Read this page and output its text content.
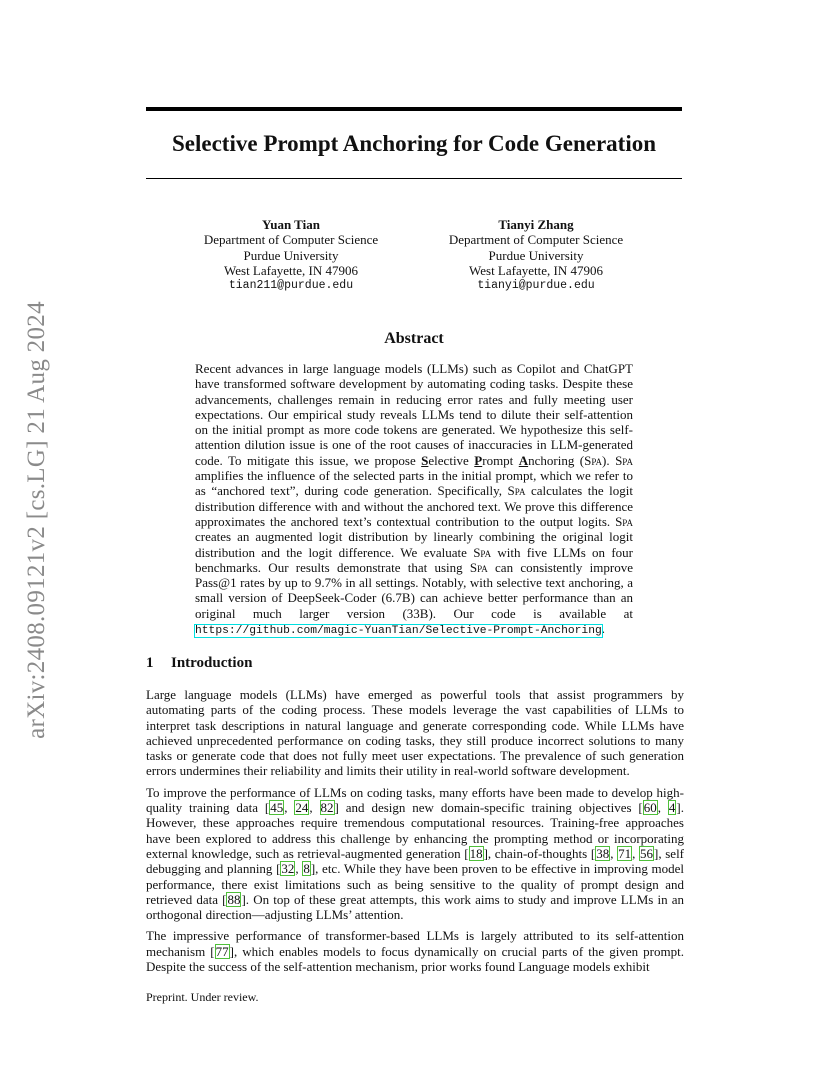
arXiv:2408.09121v2 [cs.LG] 21 Aug 2024
Selective Prompt Anchoring for Code Generation
Yuan Tian
Department of Computer Science
Purdue University
West Lafayette, IN 47906
tian211@purdue.edu
Tianyi Zhang
Department of Computer Science
Purdue University
West Lafayette, IN 47906
tianyi@purdue.edu
Abstract

Recent advances in large language models (LLMs) such as Copilot and ChatGPT have transformed software development by automating coding tasks. Despite these advancements, challenges remain in reducing error rates and fully meeting user expectations. Our empirical study reveals LLMs tend to dilute their self-attention on the initial prompt as more code tokens are generated. We hypothesize this self-attention dilution issue is one of the root causes of inaccuracies in LLM-generated code. To mitigate this issue, we propose Selective Prompt Anchoring (Spa). Spa amplifies the influence of the selected parts in the initial prompt, which we refer to as “anchored text”, during code generation. Specifically, Spa calculates the logit distribution difference with and without the anchored text. We prove this difference approximates the anchored text’s contextual contribution to the output logits. Spa creates an augmented logit distribution by linearly combining the original logit distribution and the logit difference. We evaluate Spa with five LLMs on four benchmarks. Our results demonstrate that using Spa can consistently improve Pass@1 rates by up to 9.7% in all settings. Notably, with selective text anchoring, a small version of DeepSeek-Coder (6.7B) can achieve better performance than an original much larger version (33B). Our code is available at https://github.com/magic-YuanTian/Selective-Prompt-Anchoring.

1 Introduction

Large language models (LLMs) have emerged as powerful tools that assist programmers by automating parts of the coding process. These models leverage the vast capabilities of LLMs to interpret task descriptions in natural language and generate corresponding code. While LLMs have achieved unprecedented performance on coding tasks, they still produce incorrect solutions to many tasks or generate code that does not fully meet user expectations. The prevalence of such generation errors undermines their reliability and limits their utility in real-world software development.

To improve the performance of LLMs on coding tasks, many efforts have been made to develop high-quality training data [45, 24, 82] and design new domain-specific training objectives [60, 4]. However, these approaches require tremendous computational resources. Training-free approaches have been explored to address this challenge by enhancing the prompting method or incorporating external knowledge, such as retrieval-augmented generation [18], chain-of-thoughts [38, 71, 56], self debugging and planning [32, 8], etc. While they have been proven to be effective in improving model performance, there exist limitations such as being sensitive to the quality of prompt design and retrieved data [88]. On top of these great attempts, this work aims to study and improve LLMs in an orthogonal direction—adjusting LLMs’ attention.

The impressive performance of transformer-based LLMs is largely attributed to its self-attention mechanism [77], which enables models to focus dynamically on crucial parts of the given prompt. Despite the success of the self-attention mechanism, prior works found Language models exhibit

Preprint. Under review.
